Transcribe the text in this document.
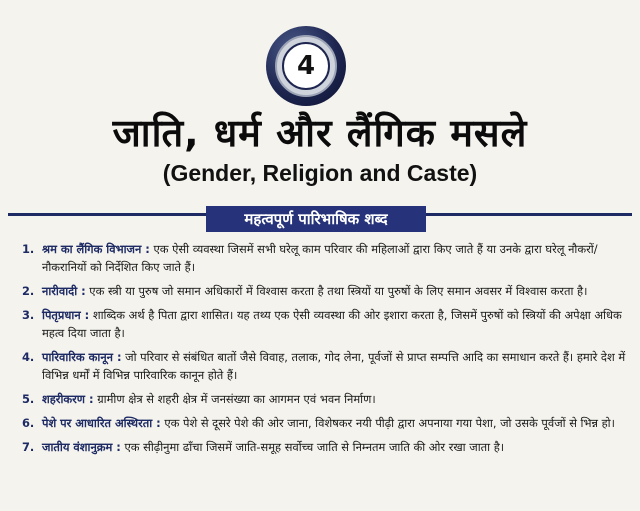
4
जाति, धर्म और लैंगिक मसले
(Gender, Religion and Caste)
महत्वपूर्ण पारिभाषिक शब्द
1. श्रम का लैंगिक विभाजन : एक ऐसी व्यवस्था जिसमें सभी घरेलू काम परिवार की महिलाओं द्वारा किए जाते हैं या उनके द्वारा घरेलू नौकरों/नौकरानियों को निर्देशित किए जाते हैं।
2. नारीवादी : एक स्त्री या पुरुष जो समान अधिकारों में विश्वास करता है तथा स्त्रियों या पुरुषों के लिए समान अवसर में विश्वास करता है।
3. पितृप्रधान : शाब्दिक अर्थ है पिता द्वारा शासित। यह तथ्य एक ऐसी व्यवस्था की ओर इशारा करता है, जिसमें पुरुषों को स्त्रियों की अपेक्षा अधिक महत्व दिया जाता है।
4. पारिवारिक कानून : जो परिवार से संबंधित बातों जैसे विवाह, तलाक, गोद लेना, पूर्वजों से प्राप्त सम्पत्ति आदि का समाधान करते हैं। हमारे देश में विभिन्न धर्मों में विभिन्न पारिवारिक कानून होते हैं।
5. शहरीकरण : ग्रामीण क्षेत्र से शहरी क्षेत्र में जनसंख्या का आगमन एवं भवन निर्माण।
6. पेशे पर आधारित अस्थिरता : एक पेशे से दूसरे पेशे की ओर जाना, विशेषकर नयी पीढ़ी द्वारा अपनाया गया पेशा, जो उसके पूर्वजों से भिन्न हो।
7. जातीय वंशानुक्रम : एक सीढ़ीनुमा ढाँचा जिसमें जाति-समूह सर्वोच्च जाति से निम्नतम जाति की ओर रखा जाता है।
